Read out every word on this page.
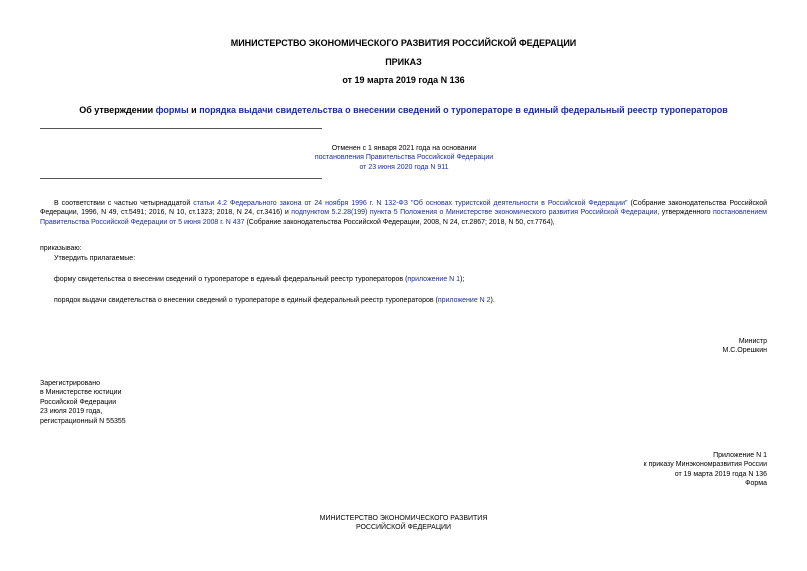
МИНИСТЕРСТВО ЭКОНОМИЧЕСКОГО РАЗВИТИЯ РОССИЙСКОЙ ФЕДЕРАЦИИ
ПРИКАЗ
от 19 марта 2019 года N 136
Об утверждении формы и порядка выдачи свидетельства о внесении сведений о туроператоре в единый федеральный реестр туроператоров
Отменен с 1 января 2021 года на основании
постановления Правительства Российской Федерации
от 23 июня 2020 года N 911
В соответствии с частью четырнадцатой статьи 4.2 Федерального закона от 24 ноября 1996 г. N 132-ФЗ "Об основах туристской деятельности в Российской Федерации" (Собрание законодательства Российской Федерации, 1996, N 49, ст.5491; 2016, N 10, ст.1323; 2018, N 24, ст.3416) и подпунктом 5.2.28(199) пункта 5 Положения о Министерстве экономического развития Российской Федерации, утвержденного постановлением Правительства Российской Федерации от 5 июня 2008 г. N 437 (Собрание законодательства Российской Федерации, 2008, N 24, ст.2867; 2018, N 50, ст.7764),
приказываю:
Утвердить прилагаемые:
форму свидетельства о внесении сведений о туроператоре в единый федеральный реестр туроператоров (приложение N 1);
порядок выдачи свидетельства о внесении сведений о туроператоре в единый федеральный реестр туроператоров (приложение N 2).
Министр
М.С.Орешкин
Зарегистрировано
в Министерстве юстиции
Российской Федерации
23 июля 2019 года,
регистрационный N 55355
Приложение N 1
к приказу Минэкономразвития России
от 19 марта 2019 года N 136
Форма
МИНИСТЕРСТВО ЭКОНОМИЧЕСКОГО РАЗВИТИЯ
РОССИЙСКОЙ ФЕДЕРАЦИИ
